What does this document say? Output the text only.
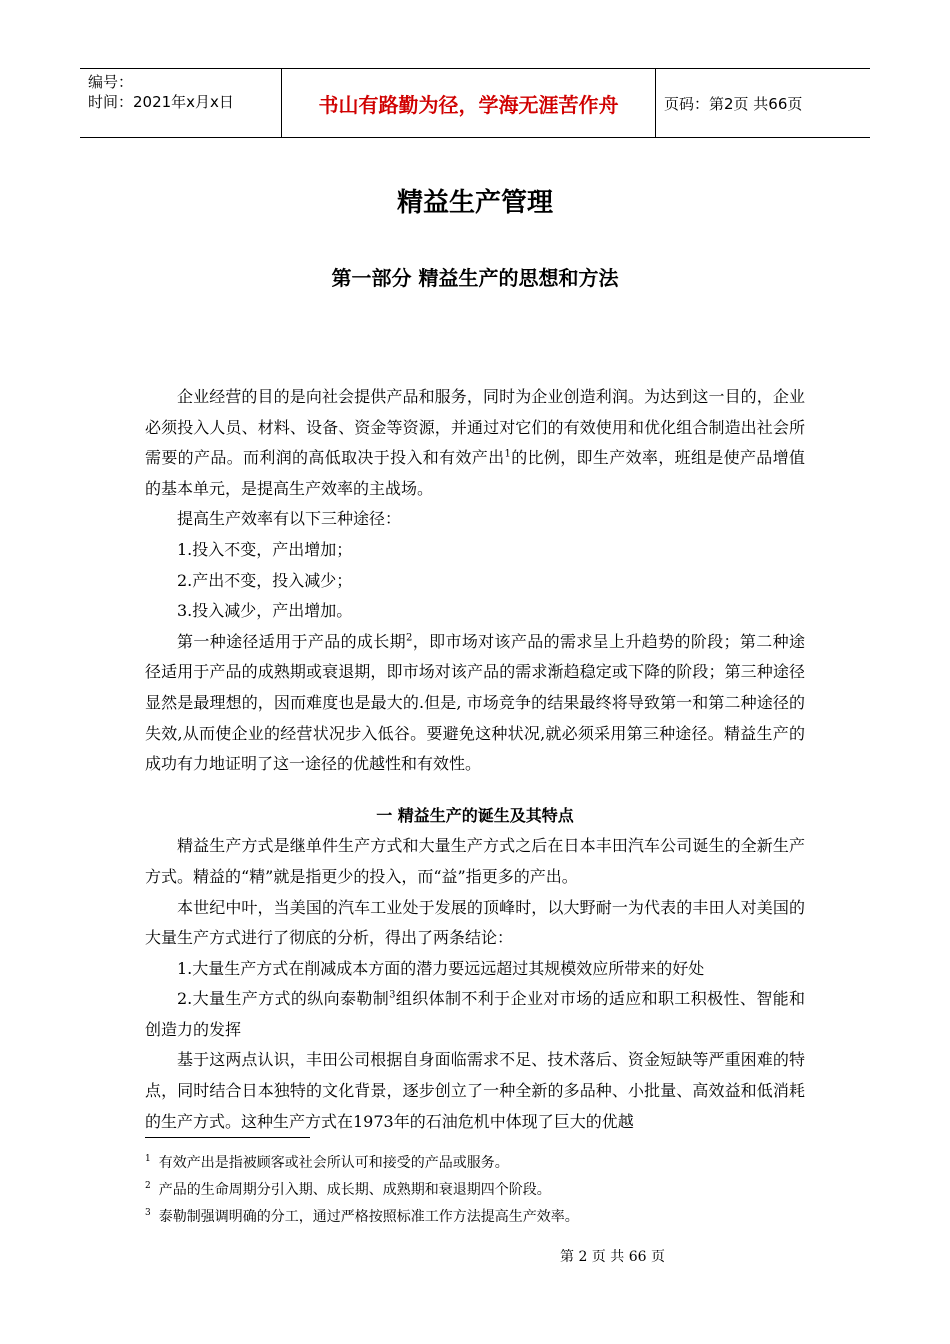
编号：
时间：2021年x月x日	书山有路勤为径，学海无涯苦作舟	页码：第2页 共66页
精益生产管理
第一部分 精益生产的思想和方法

企业经营的目的是向社会提供产品和服务，同时为企业创造利润。为达到这一目的，企业必须投入人员、材料、设备、资金等资源，并通过对它们的有效使用和优化组合制造出社会所需要的产品。而利润的高低取决于投入和有效产出$^1$的比例，即生产效率，班组是使产品增值的基本单元，是提高生产效率的主战场。

提高生产效率有以下三种途径：

1.投入不变，产出增加；

2.产出不变，投入减少；

3.投入减少，产出增加。

第一种途径适用于产品的成长期$^2$，即市场对该产品的需求呈上升趋势的阶段；第二种途径适用于产品的成熟期或衰退期，即市场对该产品的需求渐趋稳定或下降的阶段；第三种途径显然是最理想的，因而难度也是最大的.但是, 市场竞争的结果最终将导致第一和第二种途径的失效,从而使企业的经营状况步入低谷。要避免这种状况,就必须采用第三种途径。精益生产的成功有力地证明了这一途径的优越性和有效性。

一 精益生产的诞生及其特点

精益生产方式是继单件生产方式和大量生产方式之后在日本丰田汽车公司诞生的全新生产方式。精益的“精”就是指更少的投入，而“益”指更多的产出。

本世纪中叶，当美国的汽车工业处于发展的顶峰时，以大野耐一为代表的丰田人对美国的大量生产方式进行了彻底的分析，得出了两条结论：

1.大量生产方式在削减成本方面的潜力要远远超过其规模效应所带来的好处

2.大量生产方式的纵向泰勒制$^3$组织体制不利于企业对市场的适应和职工积极性、智能和创造力的发挥

基于这两点认识，丰田公司根据自身面临需求不足、技术落后、资金短缺等严重困难的特点，同时结合日本独特的文化背景，逐步创立了一种全新的多品种、小批量、高效益和低消耗的生产方式。这种生产方式在1973年的石油危机中体现了巨大的优越

$^1$ 有效产出是指被顾客或社会所认可和接受的产品或服务。

$^2$ 产品的生命周期分引入期、成长期、成熟期和衰退期四个阶段。

$^3$ 泰勒制强调明确的分工，通过严格按照标准工作方法提高生产效率。

第 2 页 共 66 页
